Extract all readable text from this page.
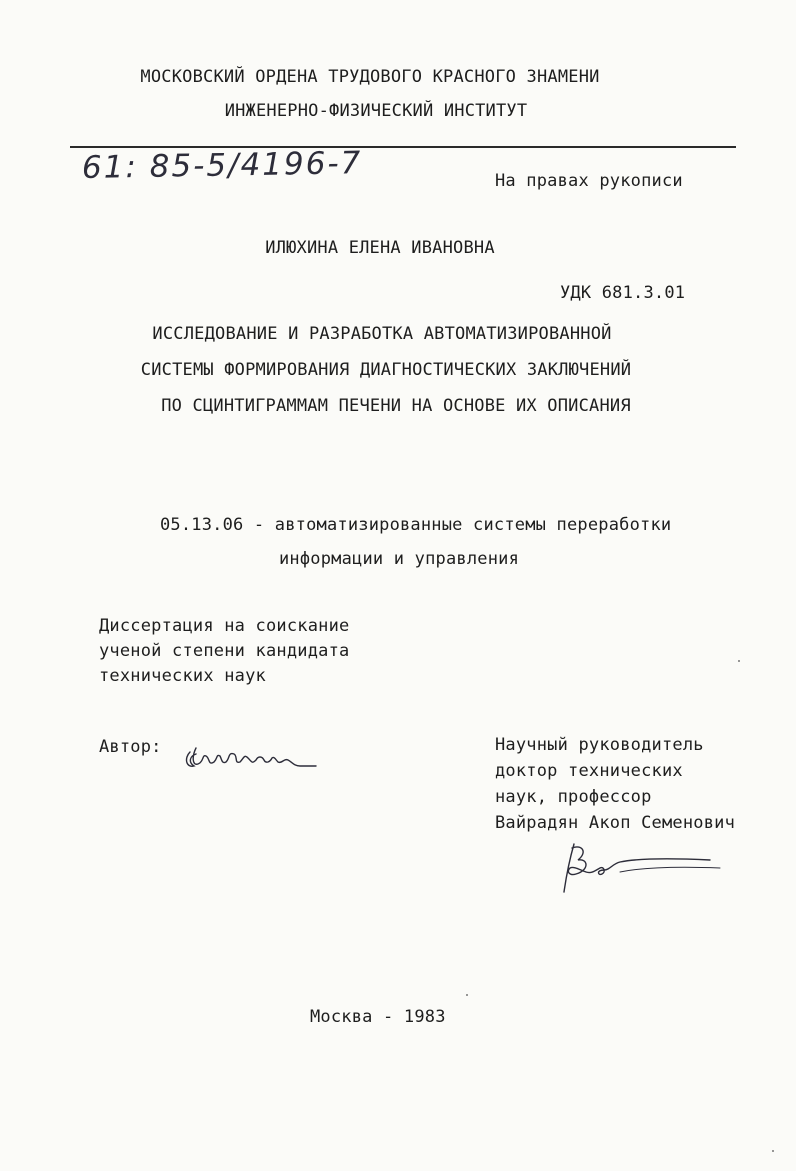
МОСКОВСКИЙ ОРДЕНА ТРУДОВОГО КРАСНОГО ЗНАМЕНИ
ИНЖЕНЕРНО-ФИЗИЧЕСКИЙ ИНСТИТУТ
61: 85-5/4196-7	На правах рукописи
ИЛЮХИНА ЕЛЕНА ИВАНОВНА
УДК 681.3.01
ИССЛЕДОВАНИЕ И РАЗРАБОТКА АВТОМАТИЗИРОВАННОЙ
СИСТЕМЫ ФОРМИРОВАНИЯ ДИАГНОСТИЧЕСКИХ ЗАКЛЮЧЕНИЙ
ПО СЦИНТИГРАММАМ ПЕЧЕНИ НА ОСНОВЕ ИХ ОПИСАНИЯ
05.13.06 - автоматизированные системы переработки
информации и управления
Диссертация на соискание
ученой степени кандидата
технических наук
Автор:	Научный руководитель
доктор технических
наук, профессор
Вайрадян Акоп Семенович
Москва - 1983
